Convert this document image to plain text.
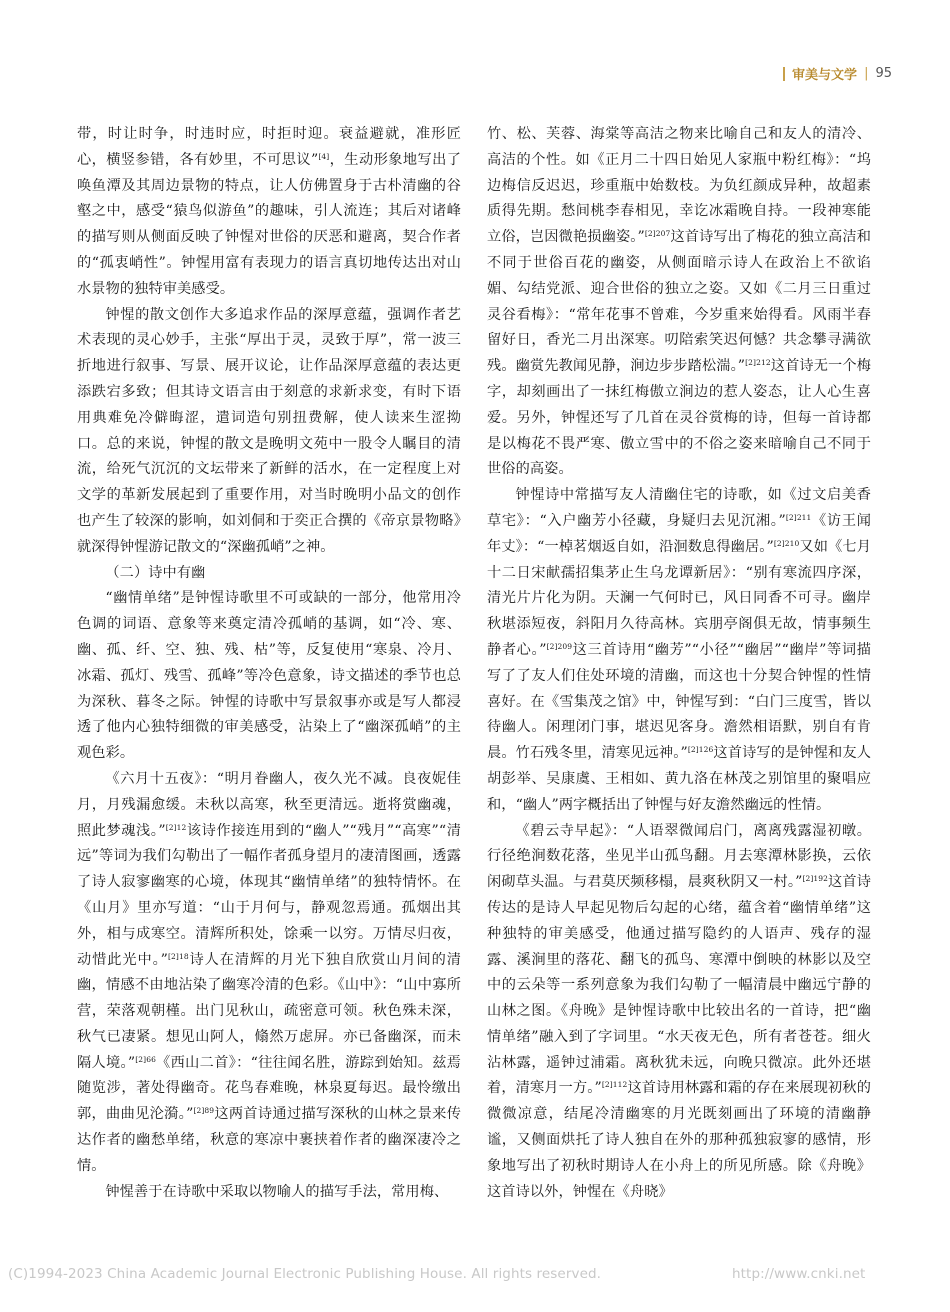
审美与文学 | 95

带，时让时争，时违时应，时拒时迎。衰益避就，准形匠心，横竖参错，各有妙里，不可思议”[4]，生动形象地写出了唤鱼潭及其周边景物的特点，让人仿佛置身于古朴清幽的谷壑之中，感受“猿鸟似游鱼”的趣味，引人流连；其后对诸峰的描写则从侧面反映了钟惺对世俗的厌恶和避离，契合作者的“孤衷峭性”。钟惺用富有表现力的语言真切地传达出对山水景物的独特审美感受。

钟惺的散文创作大多追求作品的深厚意蕴，强调作者艺术表现的灵心妙手，主张“厚出于灵，灵致于厚”，常一波三折地进行叙事、写景、展开议论，让作品深厚意蕴的表达更添跌宕多致；但其诗文语言由于刻意的求新求变，有时下语用典难免冷僻晦涩，遣词造句别扭费解，使人读来生涩拗口。总的来说，钟惺的散文是晚明文苑中一股令人瞩目的清流，给死气沉沉的文坛带来了新鲜的活水，在一定程度上对文学的革新发展起到了重要作用，对当时晚明小品文的创作也产生了较深的影响，如刘侗和于奕正合撰的《帝京景物略》就深得钟惺游记散文的“深幽孤峭”之神。

（二）诗中有幽

“幽情单绪”是钟惺诗歌里不可或缺的一部分，他常用冷色调的词语、意象等来奠定清冷孤峭的基调，如“冷、寒、幽、孤、纤、空、独、残、枯”等，反复使用“寒泉、冷月、冰霜、孤灯、残雪、孤峰”等冷色意象，诗文描述的季节也总为深秋、暮冬之际。钟惺的诗歌中写景叙事亦或是写人都浸透了他内心独特细微的审美感受，沾染上了“幽深孤峭”的主观色彩。

《六月十五夜》：“明月眷幽人，夜久光不减。良夜妮佳月，月残漏愈缓。未秋以高寒，秋至更清远。逝将赏幽魂，照此梦魂浅。”$^{[2]12}$该诗作接连用到的“幽人”“残月”“高寒”“清远”等词为我们勾勒出了一幅作者孤身望月的凄清图画，透露了诗人寂寥幽寒的心境，体现其“幽情单绪”的独特情怀。在《山月》里亦写道：“山于月何与，静观忽焉通。孤烟出其外，相与成寒空。清辉所积处，馀乘一以穷。万情尽归夜，动惜此光中。”$^{[2]18}$诗人在清辉的月光下独自欣赏山月间的清幽，情感不由地沾染了幽寒冷清的色彩。《山中》：“山中寡所营，荣落观朝槿。出门见秋山，疏密意可领。秋色殊未深，秋气已凄紧。想见山阿人，翛然万虑屏。亦已备幽深，而未隔人境。”$^{[2]66}$《西山二首》：“往往闻名胜，游踪到始知。兹焉随览涉，著处得幽奇。花鸟春难晚，林泉夏每迟。最怜缴出郭，曲曲见沦漪。”$^{[2]89}$这两首诗通过描写深秋的山林之景来传达作者的幽愁单绪，秋意的寒凉中裹挟着作者的幽深凄冷之情。

钟惺善于在诗歌中采取以物喻人的描写手法，常用梅、

竹、松、芙蓉、海棠等高洁之物来比喻自己和友人的清冷、高洁的个性。如《正月二十四日始见人家瓶中粉红梅》：“坞边梅信反迟迟，珍重瓶中始数枝。为负红颜成异种，故超素质得先期。愁间桃李春相见，幸讫冰霜晚自持。一段神寒能立俗，岂因微艳损幽姿。”$^{[2]207}$这首诗写出了梅花的独立高洁和不同于世俗百花的幽姿，从侧面暗示诗人在政治上不欲谄媚、勾结党派、迎合世俗的独立之姿。又如《二月三日重过灵谷看梅》：“常年花事不曾难，今岁重来始得看。风雨半春留好日，香光二月出深寒。叨陪索笑迟何憾？共念攀寻满欲残。幽赏先教闻见静，涧边步步踏松湍。”$^{[2]212}$这首诗无一个梅字，却刻画出了一抹红梅傲立涧边的惹人姿态，让人心生喜爱。另外，钟惺还写了几首在灵谷赏梅的诗，但每一首诗都是以梅花不畏严寒、傲立雪中的不俗之姿来暗喻自己不同于世俗的高姿。

钟惺诗中常描写友人清幽住宅的诗歌，如《过文启美香草宅》：“入户幽芳小径藏，身疑归去见沉湘。”$^{[2]211}$《访王闻　年丈》：“一棹茗烟返自如，沿洄数息得幽居。”$^{[2]210}$又如《七月十二日宋献孺招集茅止生乌龙谭新居》：“别有寒流四序深，清光片片化为阴。天澜一气何时已，风日同香不可寻。幽岸秋堪添短夜，斜阳月久待高林。宾朋亭阁俱无故，情事频生静者心。”$^{[2]209}$这三首诗用“幽芳”“小径”“幽居”“幽岸”等词描写了了友人们住处环境的清幽，而这也十分契合钟惺的性情喜好。在《雪集茂之馆》中，钟惺写到：“白门三度雪，皆以待幽人。闲理闭门事，堪迟见客身。澹然相语默，别自有肯晨。竹石残冬里，清寒见远神。”$^{[2]126}$这首诗写的是钟惺和友人胡彭举、吴康虞、王相如、黄九洛在林茂之别馆里的聚唱应和，“幽人”两字概括出了钟惺与好友澹然幽远的性情。

《碧云寺早起》：“人语翠微闻启门，离离残露湿初暾。行径绝涧数花落，坐见半山孤鸟翻。月去寒潭林影换，云依闲砌草头温。与君莫厌频移榻，晨爽秋阴又一村。”$^{[2]192}$这首诗传达的是诗人早起见物后勾起的心绪，蕴含着“幽情单绪”这种独特的审美感受，他通过描写隐约的人语声、残存的湿露、溪涧里的落花、翻飞的孤鸟、寒潭中倒映的林影以及空中的云朵等一系列意象为我们勾勒了一幅清晨中幽远宁静的山林之图。《舟晚》是钟惺诗歌中比较出名的一首诗，把“幽情单绪”融入到了字词里。“水天夜无色，所有者苍苍。细火沾林露，遥钟过浦霜。离秋犹未远，向晚只微凉。此外还堪着，清寒月一方。”$^{[2]112}$这首诗用林露和霜的存在来展现初秋的微微凉意，结尾冷清幽寒的月光既刻画出了环境的清幽静谧，又侧面烘托了诗人独自在外的那种孤独寂寥的感情，形象地写出了初秋时期诗人在小舟上的所见所感。除《舟晚》这首诗以外，钟惺在《舟晓》

(C)1994-2023 China Academic Journal Electronic Publishing House. All rights reserved.	http://www.cnki.net
